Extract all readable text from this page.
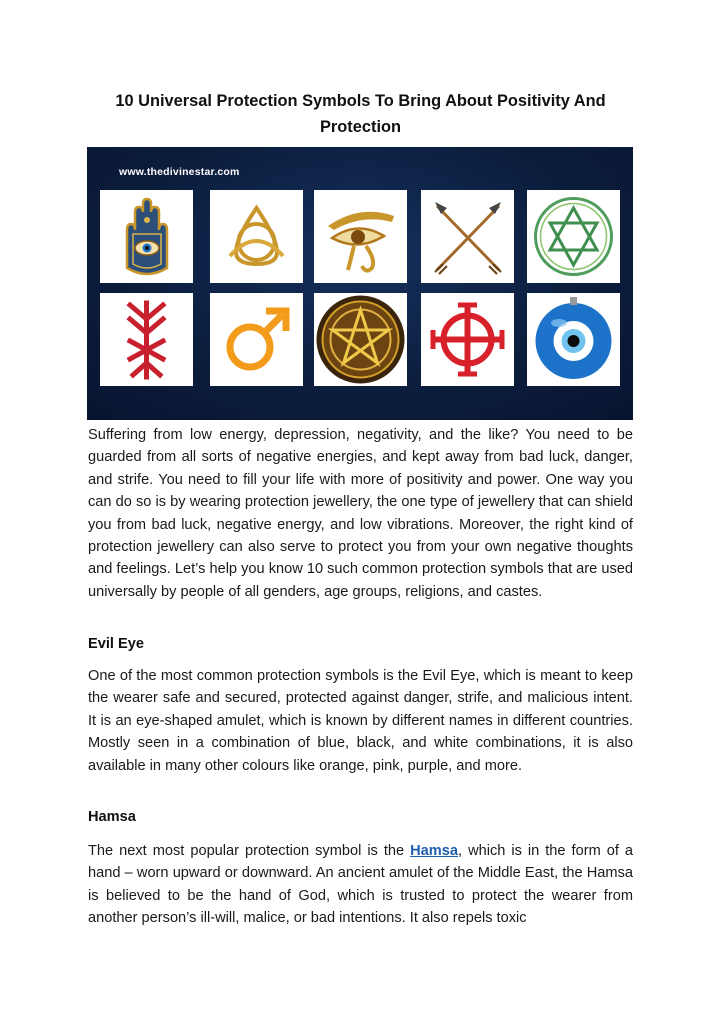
10 Universal Protection Symbols To Bring About Positivity And Protection
www.thedivinestar.com
Suffering from low energy, depression, negativity, and the like? You need to be guarded from all sorts of negative energies, and kept away from bad luck, danger, and strife. You need to fill your life with more of positivity and power. One way you can do so is by wearing protection jewellery, the one type of jewellery that can shield you from bad luck, negative energy, and low vibrations. Moreover, the right kind of protection jewellery can also serve to protect you from your own negative thoughts and feelings. Let’s help you know 10 such common protection symbols that are used universally by people of all genders, age groups, religions, and castes.
Evil Eye
One of the most common protection symbols is the Evil Eye, which is meant to keep the wearer safe and secured, protected against danger, strife, and malicious intent. It is an eye-shaped amulet, which is known by different names in different countries. Mostly seen in a combination of blue, black, and white combinations, it is also available in many other colours like orange, pink, purple, and more.
Hamsa
The next most popular protection symbol is the Hamsa, which is in the form of a hand – worn upward or downward. An ancient amulet of the Middle East, the Hamsa is believed to be the hand of God, which is trusted to protect the wearer from another person’s ill-will, malice, or bad intentions. It also repels toxic
